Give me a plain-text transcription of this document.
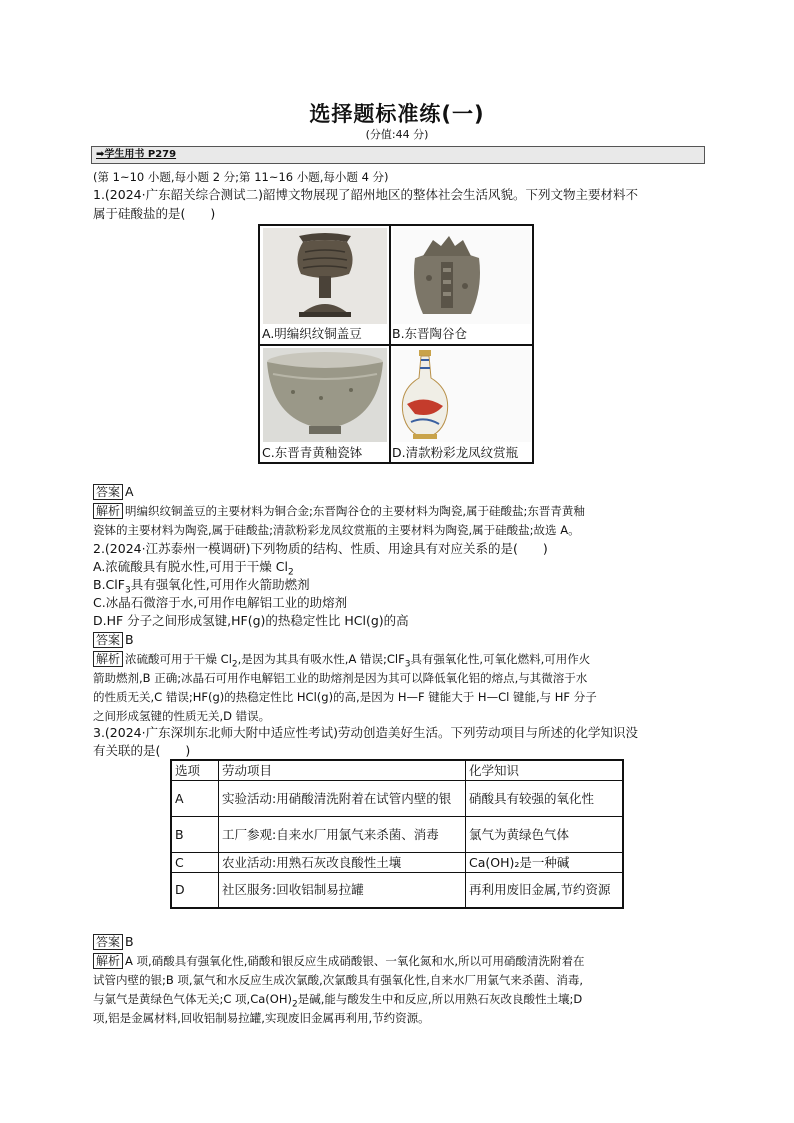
选择题标准练(一)
(分值:44 分)
➡学生用书 P279
(第 1~10 小题,每小题 2 分;第 11~16 小题,每小题 4 分)
1.(2024·广东韶关综合测试二)韶博文物展现了韶州地区的整体社会生活风貌。下列文物主要材料不
属于硅酸盐的是(　　)
A.明编织纹铜盖豆 B.东晋陶谷仓
C.东晋青黄釉瓷钵 D.清款粉彩龙凤纹赏瓶
答案 A
解析 明编织纹铜盖豆的主要材料为铜合金;东晋陶谷仓的主要材料为陶瓷,属于硅酸盐;东晋青黄釉
瓷钵的主要材料为陶瓷,属于硅酸盐;清款粉彩龙凤纹赏瓶的主要材料为陶瓷,属于硅酸盐;故选 A。
2.(2024·江苏泰州一模调研)下列物质的结构、性质、用途具有对应关系的是(　　)
A.浓硫酸具有脱水性,可用于干燥 $Cl_2$
B.ClF$_3$具有强氧化性,可用作火箭助燃剂
C.冰晶石微溶于水,可用作电解铝工业的助熔剂
D.HF 分子之间形成氢键,HF(g)的热稳定性比 HCl(g)的高
答案 B
解析 浓硫酸可用于干燥 $Cl_2$,是因为其具有吸水性,A 错误;ClF$_3$具有强氧化性,可氧化燃料,可用作火
箭助燃剂,B 正确;冰晶石可用作电解铝工业的助熔剂是因为其可以降低氧化铝的熔点,与其微溶于水
的性质无关,C 错误;HF(g)的热稳定性比 HCl(g)的高,是因为 H—F 键能大于 H—Cl 键能,与 HF 分子
之间形成氢键的性质无关,D 错误。
3.(2024·广东深圳东北师大附中适应性考试)劳动创造美好生活。下列劳动项目与所述的化学知识没
有关联的是(　　)
选项	劳动项目	化学知识
A	实验活动:用硝酸清洗附着在试管内壁的银	硝酸具有较强的氧化性
B	工厂参观:自来水厂用氯气来杀菌、消毒	氯气为黄绿色气体
C	农业活动:用熟石灰改良酸性土壤	Ca(OH)₂是一种碱
D	社区服务:回收铝制易拉罐	再利用废旧金属,节约资源
答案 B
解析 A 项,硝酸具有强氧化性,硝酸和银反应生成硝酸银、一氧化氮和水,所以可用硝酸清洗附着在
试管内壁的银;B 项,氯气和水反应生成次氯酸,次氯酸具有强氧化性,自来水厂用氯气来杀菌、消毒,
与氯气是黄绿色气体无关;C 项$,Ca(OH)_2$是碱,能与酸发生中和反应,所以用熟石灰改良酸性土壤;D
项,铝是金属材料,回收铝制易拉罐,实现废旧金属再利用,节约资源。
